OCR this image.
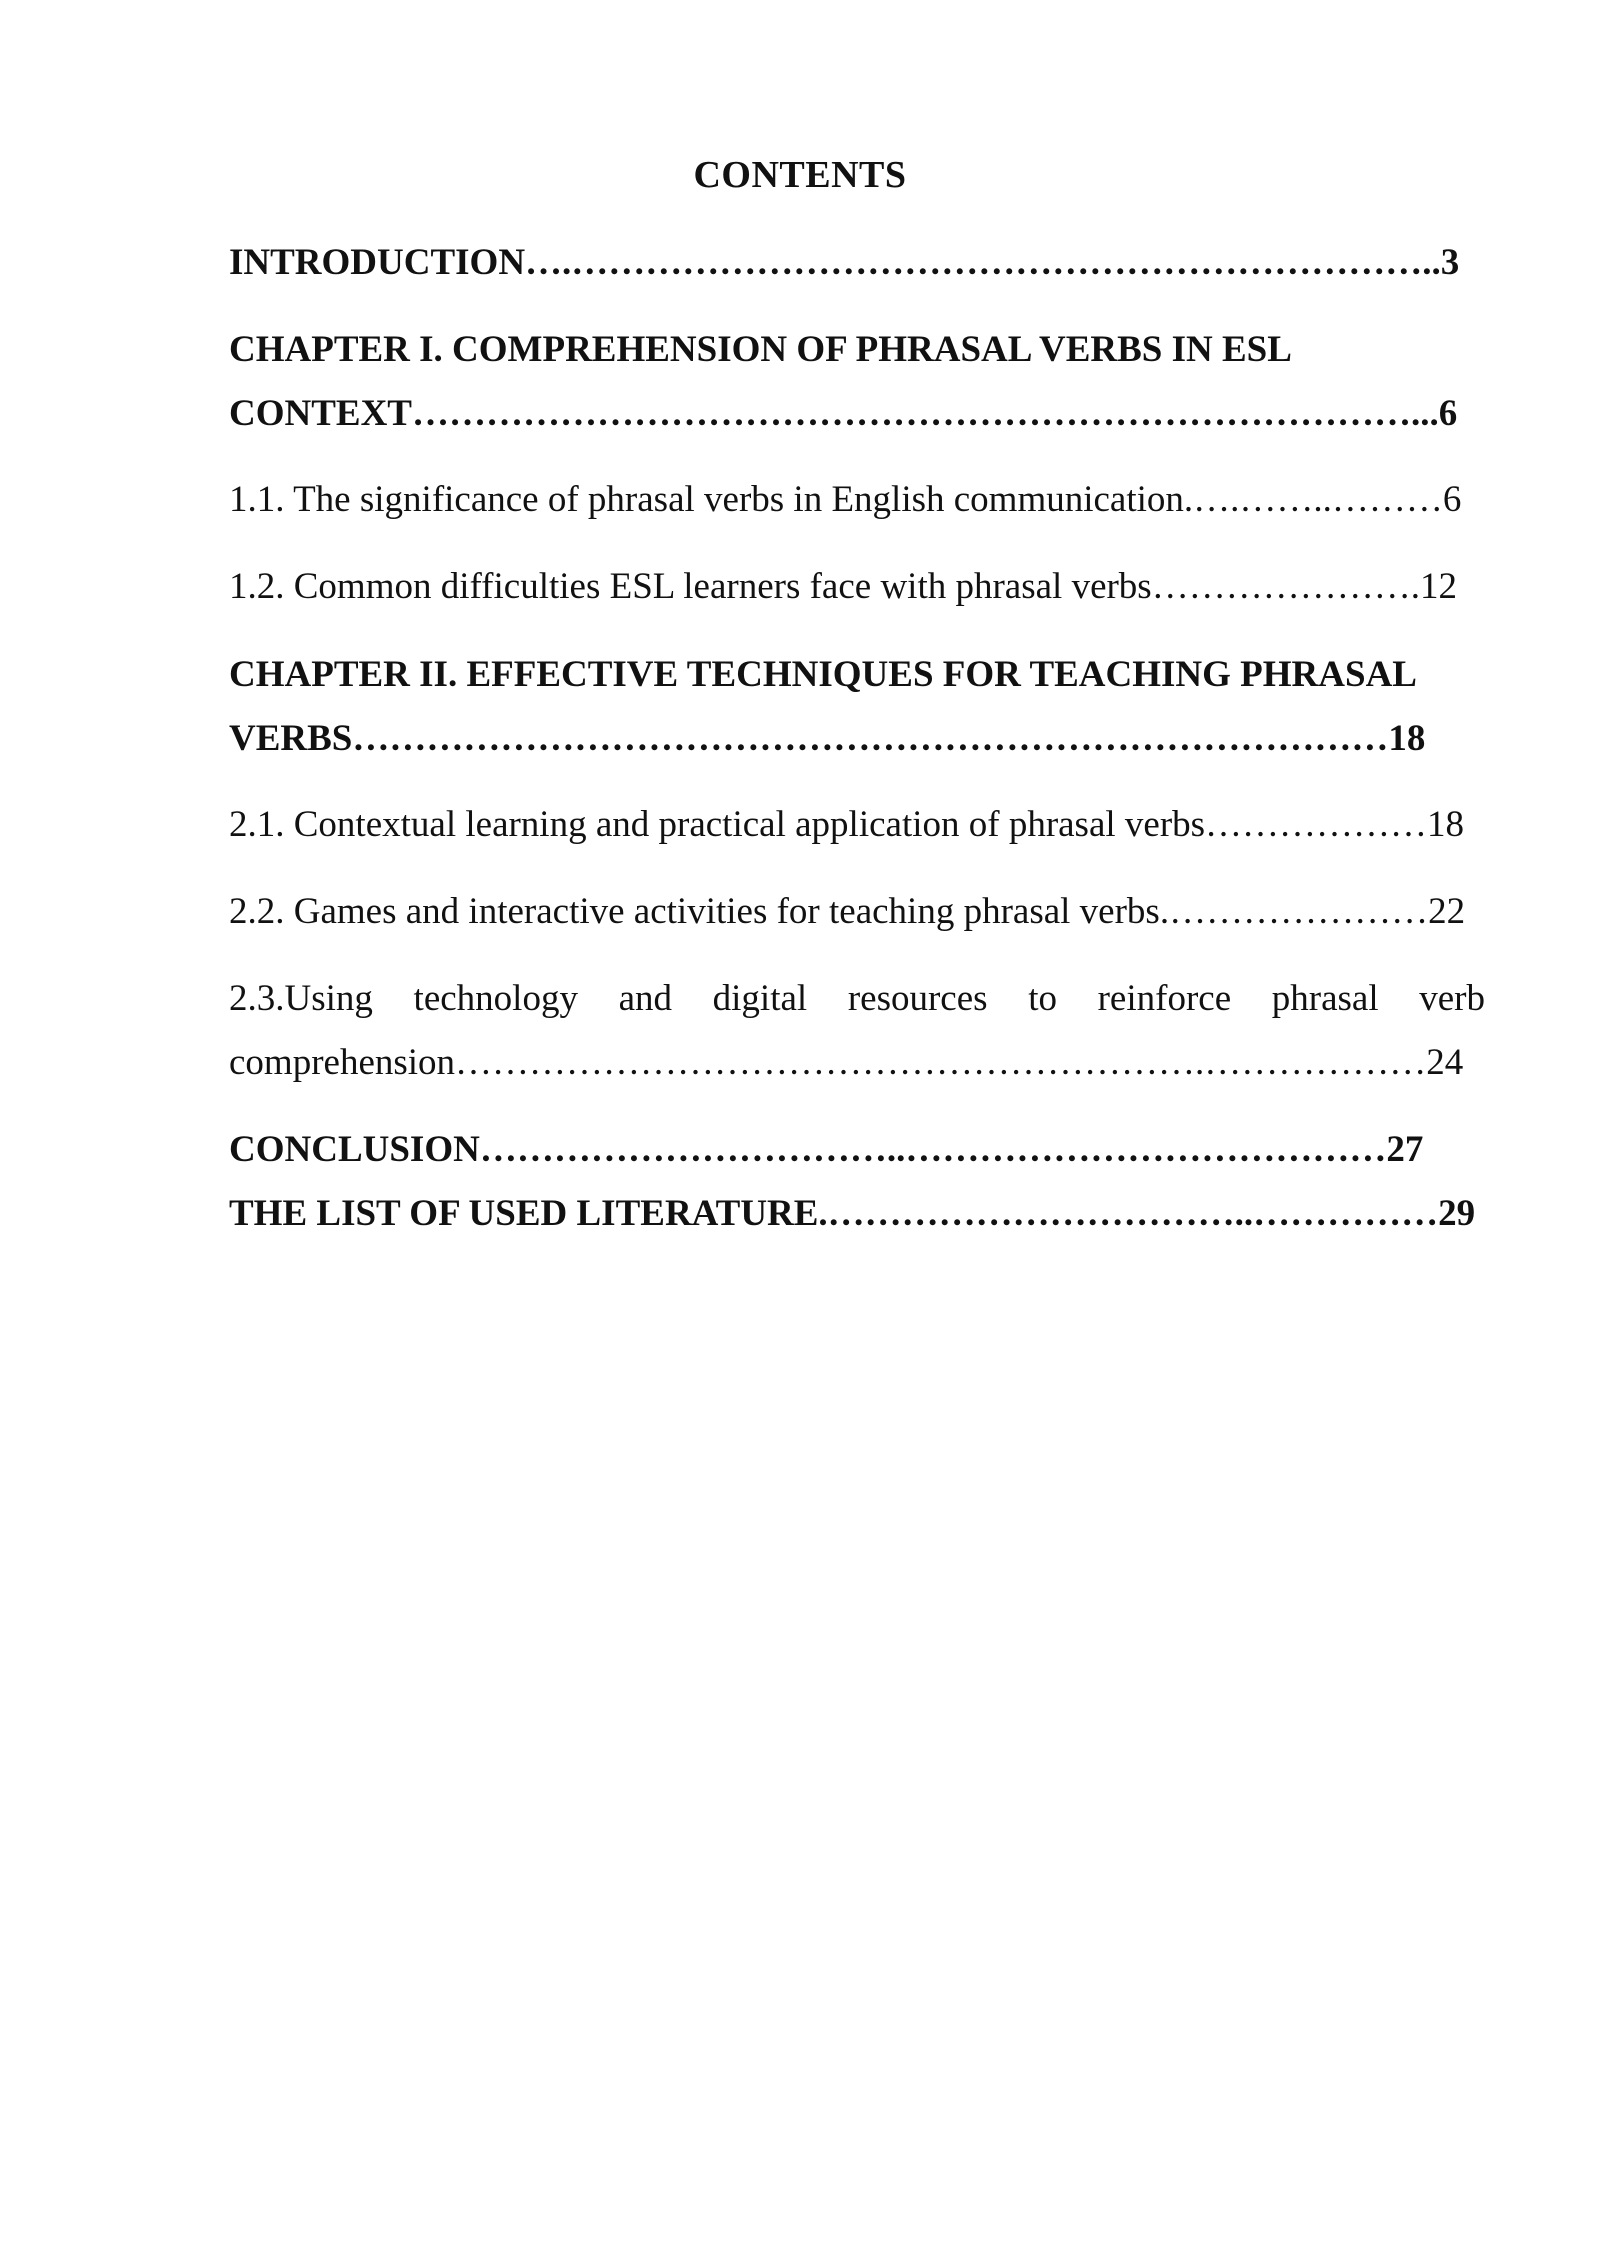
CONTENTS
INTRODUCTION….……………………………………………………………..3
CHAPTER I. COMPREHENSION OF PHRASAL VERBS IN ESL
CONTEXT………………………………………………………………………...6
1.1. The significance of phrasal verbs in English communication.….……..………6
1.2. Common difficulties ESL learners face with phrasal verbs………………….12
CHAPTER II. EFFECTIVE TECHNIQUES FOR TEACHING PHRASAL
VERBS…………………………………………………………………………18
2.1. Contextual learning and practical application of phrasal verbs………………18
2.2. Games and interactive activities for teaching phrasal verbs.…………………22
2.3.Using technology and digital resources to reinforce phrasal verb
comprehension…………………………………………………….………………24
CONCLUSION……………………………..…………………………………27
THE LIST OF USED LITERATURE.……………………………..……………29
